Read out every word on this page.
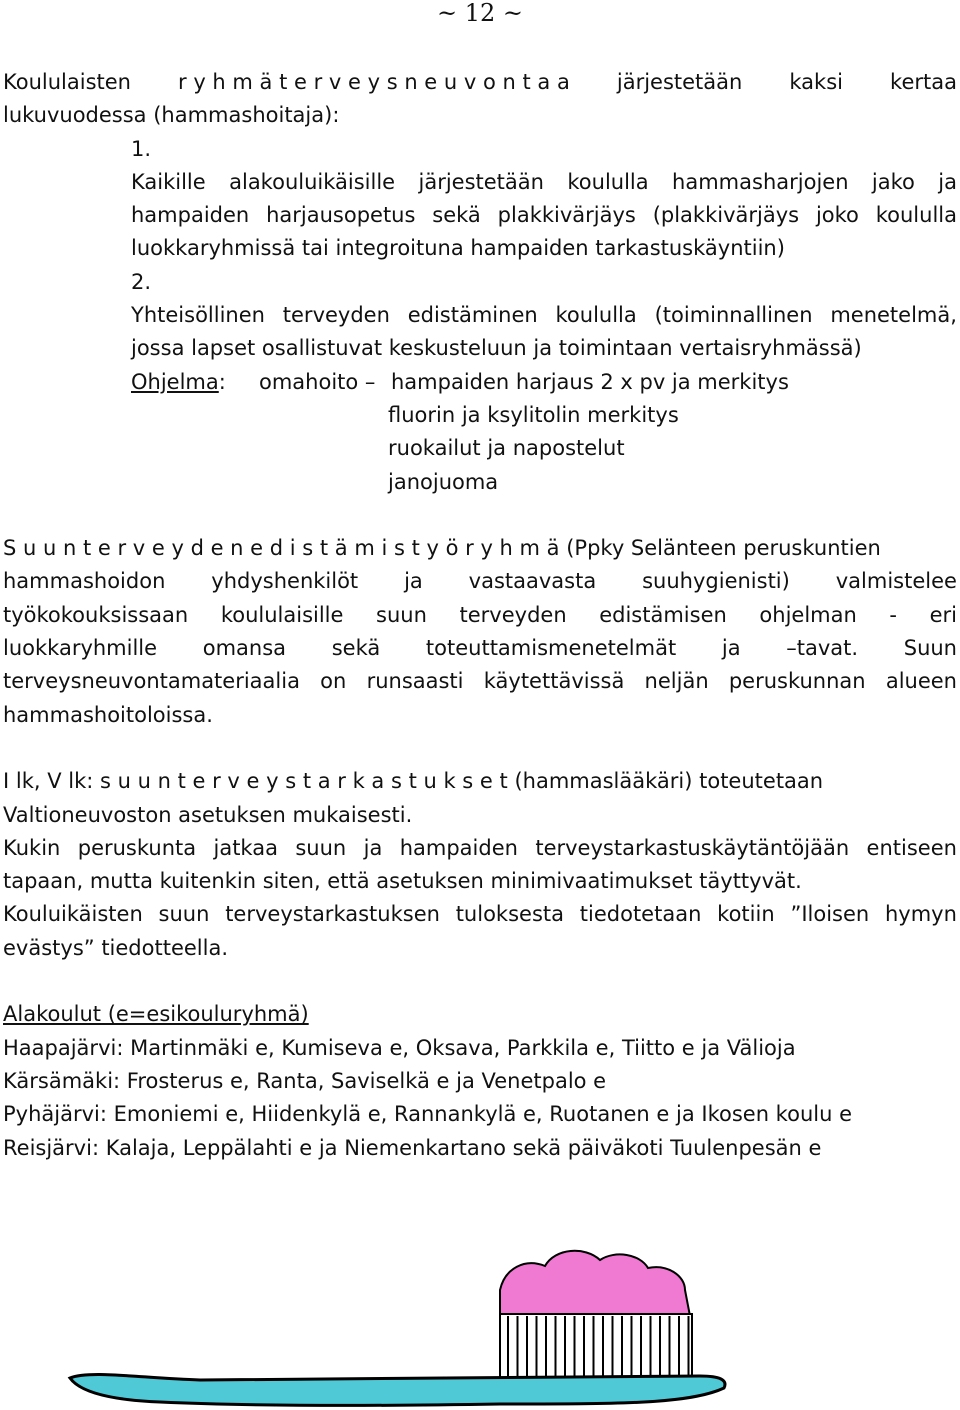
~ 12 ~
Koululaisten r y h m ä t e r v e y s n e u v o n t a a järjestetään kaksi kertaa
lukuvuodessa (hammashoitaja):
1.
Kaikille alakouluikäisille järjestetään koululla hammasharjojen jako ja
hampaiden harjausopetus sekä plakkivärjäys (plakkivärjäys joko koululla
luokkaryhmissä tai integroituna hampaiden tarkastuskäyntiin)
2.
Yhteisöllinen terveyden edistäminen koululla (toiminnallinen menetelmä,
jossa lapset osallistuvat keskusteluun ja toimintaan vertaisryhmässä)
Ohjelma:	omahoito – hampaiden harjaus 2 x pv ja merkitys
fluorin ja ksylitolin merkitys
ruokailut ja napostelut
janojuoma
S u u n t e r v e y d e n e d i s t ä m i s t y ö r y h m ä (Ppky Selänteen peruskuntien
hammashoidon yhdyshenkilöt ja vastaavasta suuhygienisti) valmistelee
työkokouksissaan koululaisille suun terveyden edistämisen ohjelman - eri
luokkaryhmille omansa sekä toteuttamismenetelmät ja –tavat. Suun
terveysneuvontamateriaalia on runsaasti käytettävissä neljän peruskunnan alueen
hammashoitoloissa.
I lk, V lk: s u u n t e r v e y s t a r k a s t u k s e t (hammaslääkäri) toteutetaan
Valtioneuvoston asetuksen mukaisesti.
Kukin peruskunta jatkaa suun ja hampaiden terveystarkastuskäytäntöjään entiseen
tapaan, mutta kuitenkin siten, että asetuksen minimivaatimukset täyttyvät.
Kouluikäisten suun terveystarkastuksen tuloksesta tiedotetaan kotiin ”Iloisen hymyn
evästys” tiedotteella.
Alakoulut (e=esikouluryhmä)
Haapajärvi: Martinmäki e, Kumiseva e, Oksava, Parkkila e, Tiitto e ja Välioja
Kärsämäki: Frosterus e, Ranta, Saviselkä e ja Venetpalo e
Pyhäjärvi: Emoniemi e, Hiidenkylä e, Rannankylä e, Ruotanen e ja Ikosen koulu e
Reisjärvi: Kalaja, Leppälahti e ja Niemenkartano sekä päiväkoti Tuulenpesän e
